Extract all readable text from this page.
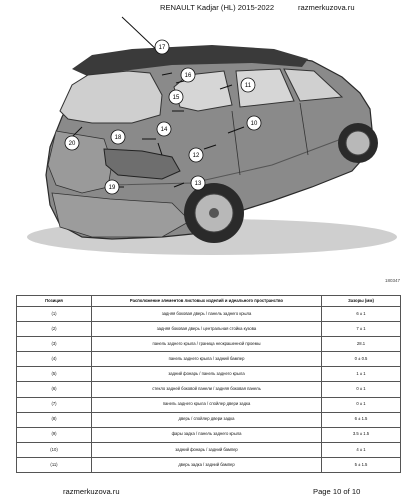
RENAULT Kadjar (HL) 2015-2022	razmerkuzova.ru
17
16
11
15
10
14
18
20
12
13
19
180347
Позиция	Расположение элементов листовых изделий и идеального пространство	Зазоры (мм)
(1)	задняя боковая дверь / панель заднего крыла	6 ± 1
(2)	задняя боковая дверь / центральная стойка кузова	7 ± 1
(3)	панель заднего крыла / граница неокрашенной проемы	28.1
(4)	панель заднего крыла / задний бампер	0 ± 0.5
(5)	задний фонарь / панель заднего крыла	1 ± 1
(6)	стекло задней боковой панели / задняя боковая панель	0 ± 1
(7)	панель заднего крыла / спойлер двери задка	0 ± 1
(8)	дверь / спойлер двери задка	6 ± 1.5
(9)	фары задка / панель заднего крыла	3.5 ± 1.5
(10)	задний фонарь / задний бампер	4 ± 1
(11)	дверь задка / задний бампер	5 ± 1.5
razmerkuzova.ru	Page 10 of 10
